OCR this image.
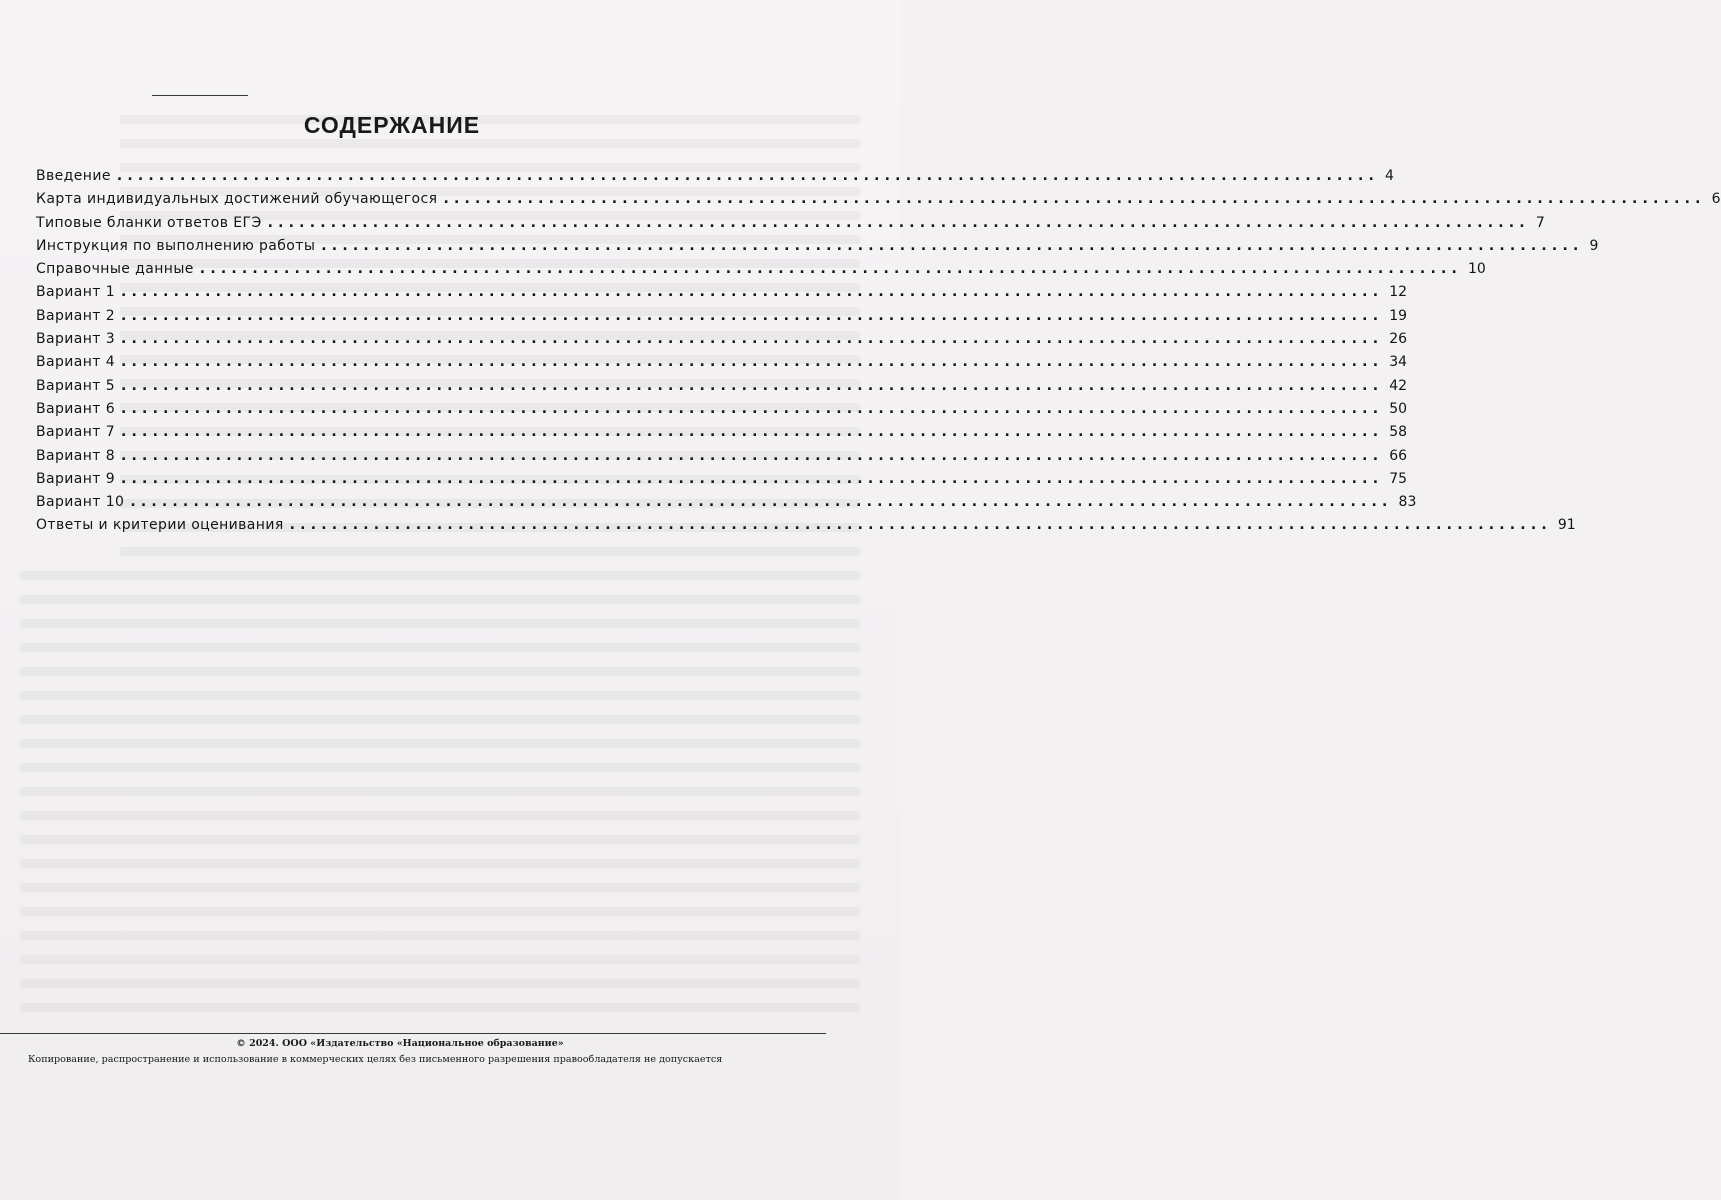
СОДЕРЖАНИЕ
Введение ........................................................................................................................ 4
Карта индивидуальных достижений обучающегося ........................................................................................................................ 6
Типовые бланки ответов ЕГЭ ........................................................................................................................ 7
Инструкция по выполнению работы ........................................................................................................................ 9
Справочные данные ........................................................................................................................ 10
Вариант 1 ........................................................................................................................ 12
Вариант 2 ........................................................................................................................ 19
Вариант 3 ........................................................................................................................ 26
Вариант 4 ........................................................................................................................ 34
Вариант 5 ........................................................................................................................ 42
Вариант 6 ........................................................................................................................ 50
Вариант 7 ........................................................................................................................ 58
Вариант 8 ........................................................................................................................ 66
Вариант 9 ........................................................................................................................ 75
Вариант 10 ........................................................................................................................ 83
Ответы и критерии оценивания ........................................................................................................................ 91
© 2024. ООО «Издательство «Национальное образование»
Копирование, распространение и использование в коммерческих целях без письменного разрешения правообладателя не допускается
